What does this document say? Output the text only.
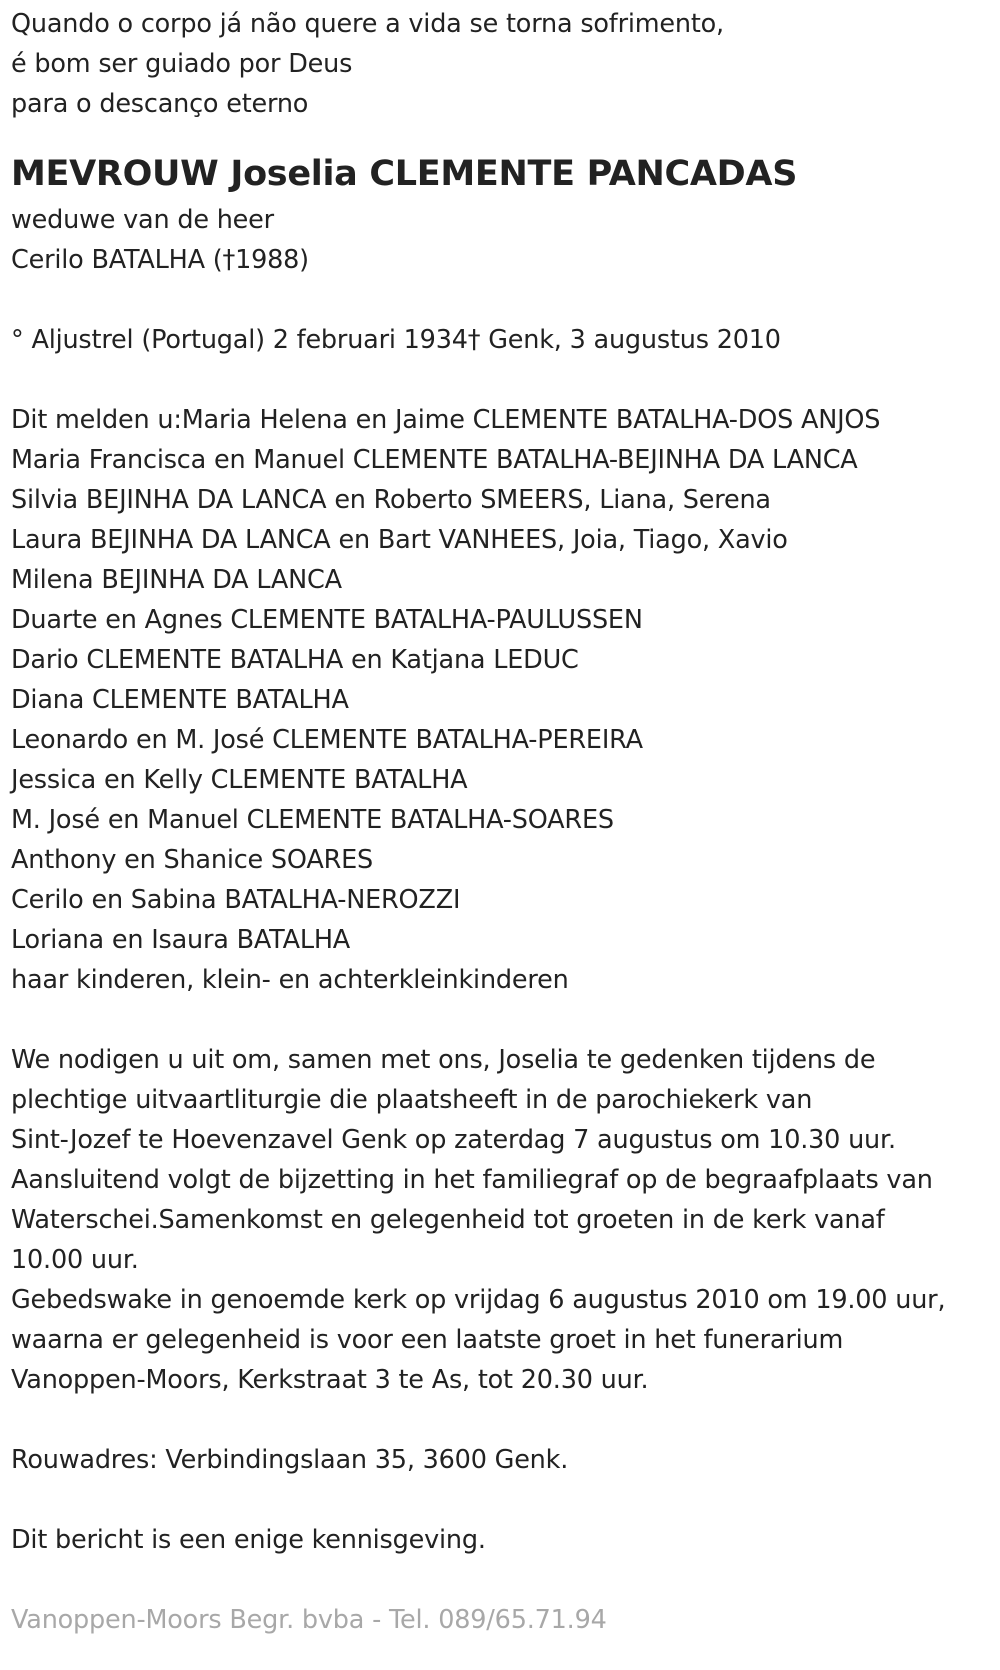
Quando o corpo já não quere a vida se torna sofrimento,
é bom ser guiado por Deus
para o descanço eterno
MEVROUW Joselia CLEMENTE PANCADAS
weduwe van de heer
Cerilo BATALHA (†1988)
° Aljustrel (Portugal) 2 februari 1934† Genk, 3 augustus 2010
Dit melden u:Maria Helena en Jaime CLEMENTE BATALHA-DOS ANJOS
Maria Francisca en Manuel CLEMENTE BATALHA-BEJINHA DA LANCA
Silvia BEJINHA DA LANCA en Roberto SMEERS, Liana, Serena
Laura BEJINHA DA LANCA en Bart VANHEES, Joia, Tiago, Xavio
Milena BEJINHA DA LANCA
Duarte en Agnes CLEMENTE BATALHA-PAULUSSEN
Dario CLEMENTE BATALHA en Katjana LEDUC
Diana CLEMENTE BATALHA
Leonardo en M. José CLEMENTE BATALHA-PEREIRA
Jessica en Kelly CLEMENTE BATALHA
M. José en Manuel CLEMENTE BATALHA-SOARES
Anthony en Shanice SOARES
Cerilo en Sabina BATALHA-NEROZZI
Loriana en Isaura BATALHA
haar kinderen, klein- en achterkleinkinderen
We nodigen u uit om, samen met ons, Joselia te gedenken tijdens de
plechtige uitvaartliturgie die plaatsheeft in de parochiekerk van
Sint-Jozef te Hoevenzavel Genk op zaterdag 7 augustus om 10.30 uur.
Aansluitend volgt de bijzetting in het familiegraf op de begraafplaats van
Waterschei.Samenkomst en gelegenheid tot groeten in de kerk vanaf
10.00 uur.
Gebedswake in genoemde kerk op vrijdag 6 augustus 2010 om 19.00 uur,
waarna er gelegenheid is voor een laatste groet in het funerarium
Vanoppen-Moors, Kerkstraat 3 te As, tot 20.30 uur.
Rouwadres: Verbindingslaan 35, 3600 Genk.
Dit bericht is een enige kennisgeving.
Vanoppen-Moors Begr. bvba - Tel. 089/65.71.94
